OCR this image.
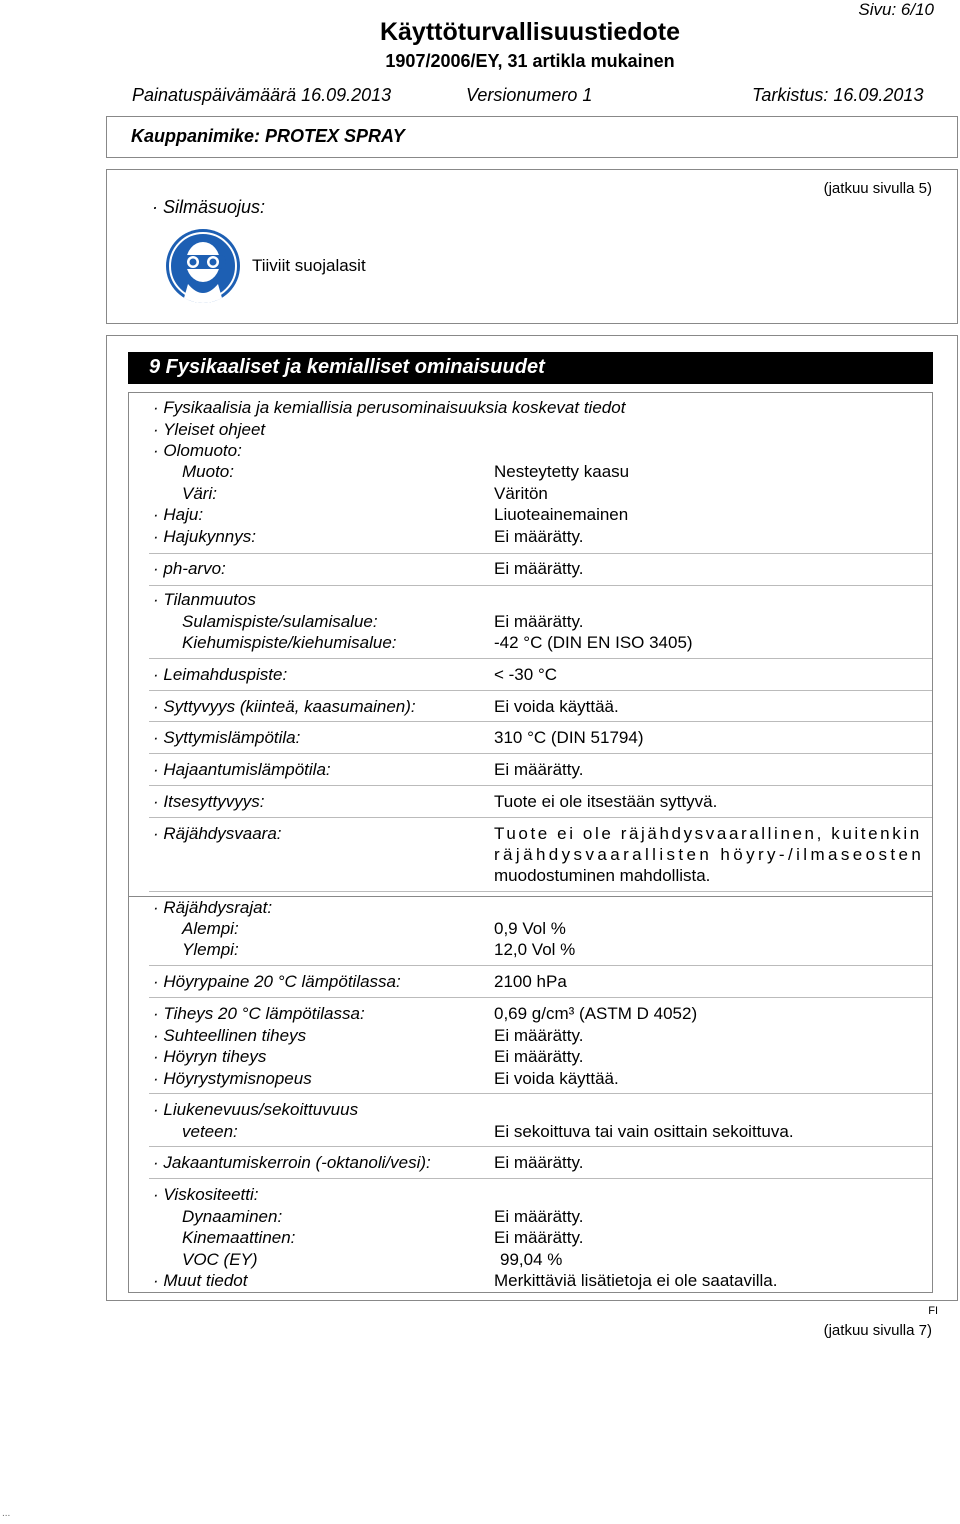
Sivu: 6/10
Käyttöturvallisuustiedote
1907/2006/EY, 31 artikla mukainen
Painatuspäivämäärä 16.09.2013	Versionumero 1	Tarkistus: 16.09.2013
Kauppanimike: PROTEX SPRAY
· Silmäsuojus:
(jatkuu sivulla 5)
Tiiviit suojalasit
9 Fysikaaliset ja kemialliset ominaisuudet
· Fysikaalisia ja kemiallisia perusominaisuuksia koskevat tiedot
· Yleiset ohjeet
· Olomuoto:
Muoto:	Nesteytetty kaasu
Väri:	Väritön
· Haju:	Liuoteainemainen
· Hajukynnys:	Ei määrätty.
· ph-arvo:	Ei määrätty.
· Tilanmuutos
Sulamispiste/sulamisalue:	Ei määrätty.
Kiehumispiste/kiehumisalue:	-42 °C (DIN EN ISO 3405)
· Leimahduspiste:	< -30 °C
· Syttyvyys (kiinteä, kaasumainen):	Ei voida käyttää.
· Syttymislämpötila:	310 °C (DIN 51794)
· Hajaantumislämpötila:	Ei määrätty.
· Itsesyttyvyys:	Tuote ei ole itsestään syttyvä.
· Räjähdysvaara:	Tuote ei ole räjähdysvaarallinen, kuitenkin
räjähdysvaarallisten höyry-/ilmaseosten
muodostuminen mahdollista.
· Räjähdysrajat:
Alempi:	0,9 Vol %
Ylempi:	12,0 Vol %
· Höyrypaine 20 °C lämpötilassa:	2100 hPa
· Tiheys 20 °C lämpötilassa:	0,69 g/cm³ (ASTM D 4052)
· Suhteellinen tiheys	Ei määrätty.
· Höyryn tiheys	Ei määrätty.
· Höyrystymisnopeus	Ei voida käyttää.
· Liukenevuus/sekoittuvuus
veteen:	Ei sekoittuva tai vain osittain sekoittuva.
· Jakaantumiskerroin (-oktanoli/vesi):	Ei määrätty.
· Viskositeetti:
Dynaaminen:	Ei määrätty.
Kinemaattinen:	Ei määrätty.
VOC (EY)	99,04 %
· Muut tiedot	Merkittäviä lisätietoja ei ole saatavilla.
FI
(jatkuu sivulla 7)
...
